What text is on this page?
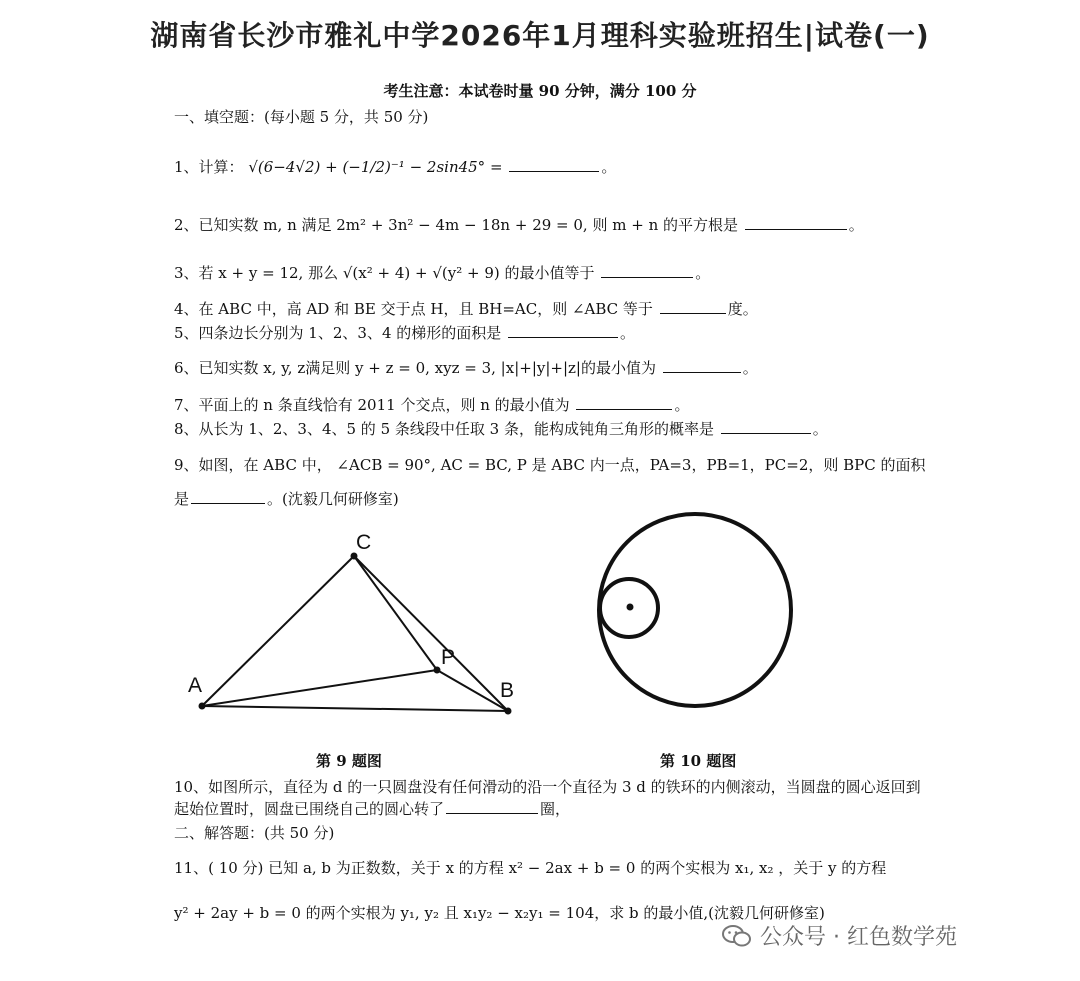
湖南省长沙市雅礼中学2026年1月理科实验班招生|试卷(一)
考生注意：本试卷时量 90 分钟，满分 100 分
一、填空题：(每小题 5 分，共 50 分)
1、计算： √(6−4√2) + (−1/2)⁻¹ − 2sin45° =	。
2、已知实数 m, n 满足 2m² + 3n² − 4m − 18n + 29 = 0, 则 m + n 的平方根是	。
3、若 x + y = 12, 那么 √(x² + 4) + √(y² + 9) 的最小值等于	。
4、在 ABC 中，高 AD 和 BE 交于点 H，且 BH=AC，则 ∠ABC 等于	度。
5、四条边长分别为 1、2、3、4 的梯形的面积是	。
6、已知实数 x, y, z满足则 y + z = 0, xyz = 3, |x|+|y|+|z|的最小值为	。
7、平面上的 n 条直线恰有 2011 个交点，则 n 的最小值为	。
8、从长为 1、2、3、4、5 的 5 条线段中任取 3 条，能构成钝角三角形的概率是	。
9、如图，在 ABC 中， ∠ACB = 90°, AC = BC, P 是 ABC 内一点，PA=3，PB=1，PC=2，则 BPC 的面积
是	。(沈毅几何研修室)
A	B
C
P
第 9 题图	第 10 题图
10、如图所示，直径为 d 的一只圆盘没有任何滑动的沿一个直径为 3 d 的铁环的内侧滚动，当圆盘的圆心返回到
起始位置时，圆盘已围绕自己的圆心转了	圈，
二、解答题：(共 50 分)
11、( 10 分) 已知 a, b 为正数数，关于 x 的方程 x² − 2ax + b = 0 的两个实根为 x₁, x₂ ，关于 y 的方程
y² + 2ay + b = 0 的两个实根为 y₁, y₂ 且 x₁y₂ − x₂y₁ = 104，求 b 的最小值,(沈毅几何研修室)
公众号 · 红色数学苑
